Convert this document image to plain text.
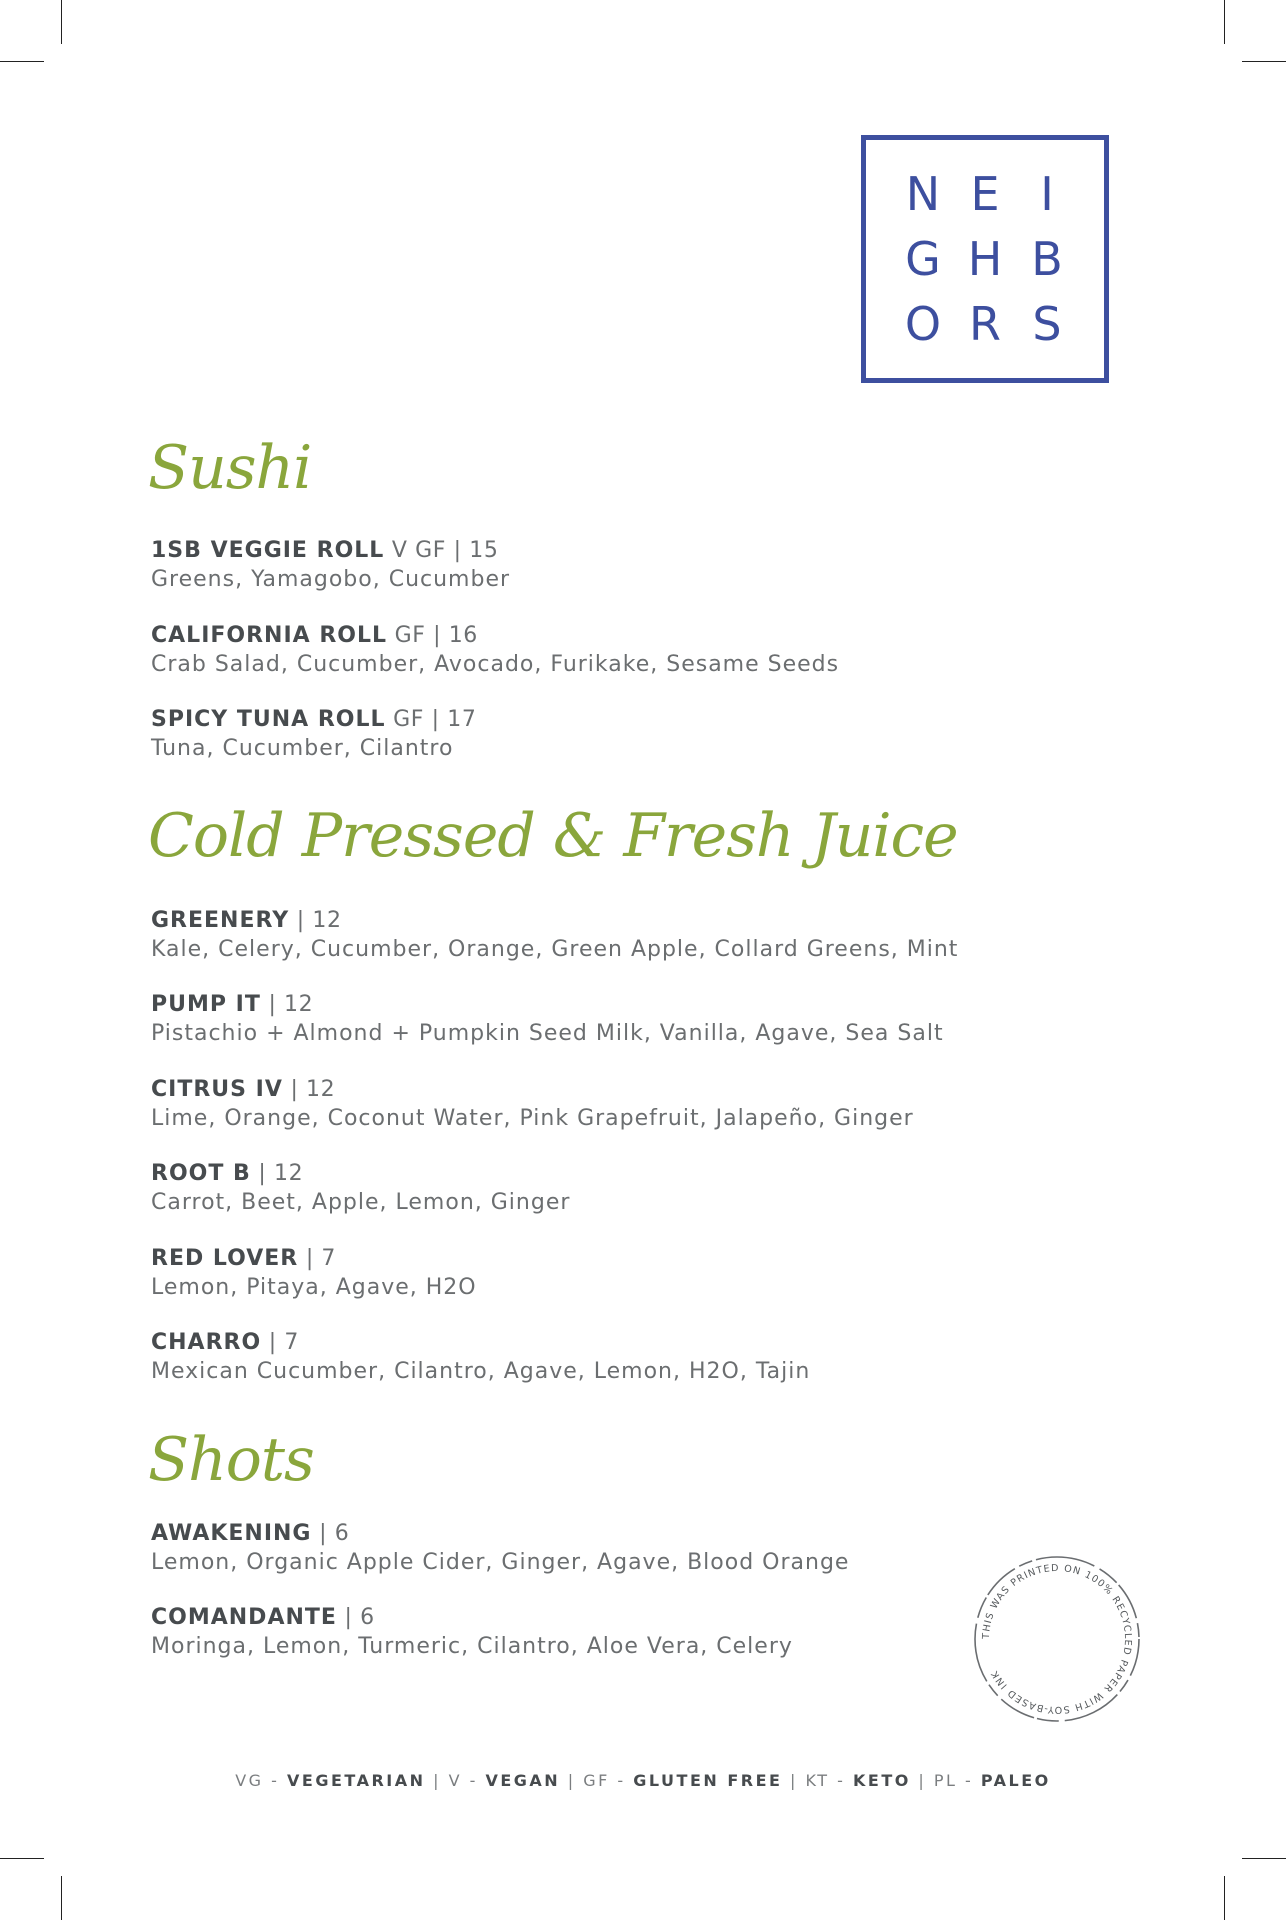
N E I
G H B
O R S
Sushi
1SB VEGGIE ROLL V GF | 15
Greens, Yamagobo, Cucumber
CALIFORNIA ROLL GF | 16
Crab Salad, Cucumber, Avocado, Furikake, Sesame Seeds
SPICY TUNA ROLL GF | 17
Tuna, Cucumber, Cilantro
Cold Pressed & Fresh Juice
GREENERY | 12
Kale, Celery, Cucumber, Orange, Green Apple, Collard Greens, Mint
PUMP IT | 12
Pistachio + Almond + Pumpkin Seed Milk, Vanilla, Agave, Sea Salt
CITRUS IV | 12
Lime, Orange, Coconut Water, Pink Grapefruit, Jalapeño, Ginger
ROOT B | 12
Carrot, Beet, Apple, Lemon, Ginger
RED LOVER | 7
Lemon, Pitaya, Agave, H2O
CHARRO | 7
Mexican Cucumber, Cilantro, Agave, Lemon, H2O, Tajin
Shots
AWAKENING | 6
Lemon, Organic Apple Cider, Ginger, Agave, Blood Orange
COMANDANTE | 6
Moringa, Lemon, Turmeric, Cilantro, Aloe Vera, Celery	THIS WAS PRINTED ON 100% RECYCLED PAPER WITH SOY-BASED INK
VG - VEGETARIAN | V - VEGAN | GF - GLUTEN FREE | KT - KETO | PL - PALEO
